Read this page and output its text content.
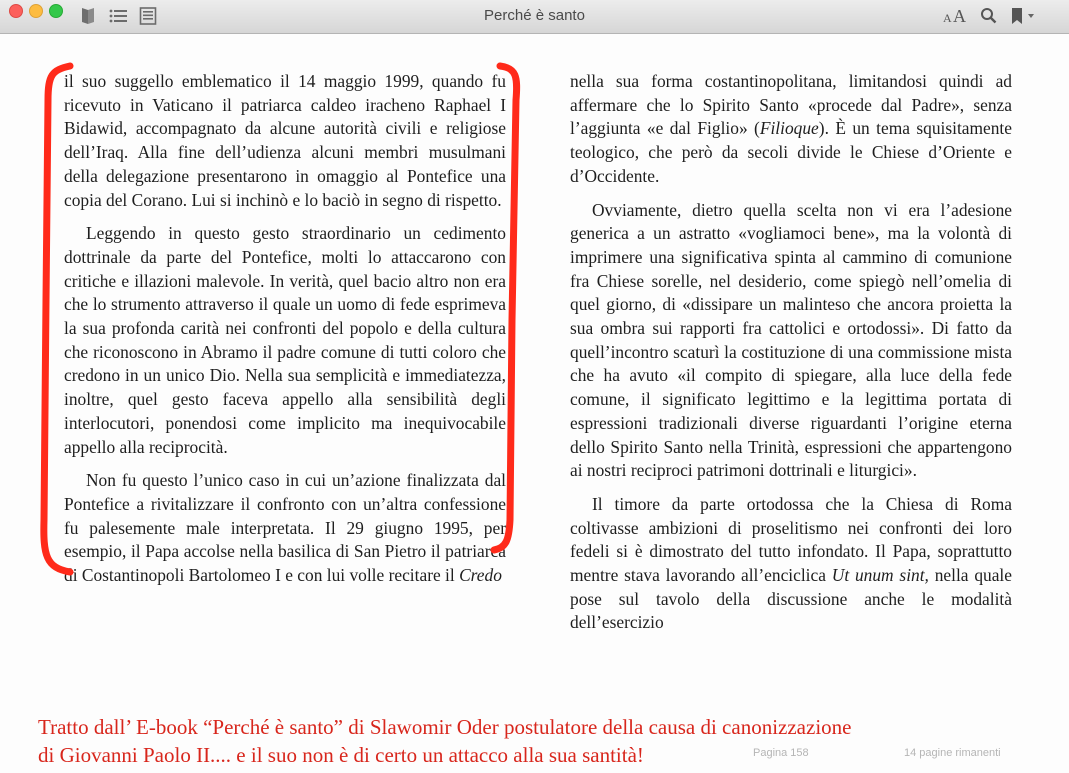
Perché è santo	A A

il suo suggello emblematico il 14 maggio 1999, quando fu ricevuto in Vaticano il patriarca caldeo iracheno Raphael I Bidawid, accompagnato da alcune autorità civili e religiose dell’Iraq. Alla fine dell’udienza alcuni membri musulmani della delegazione presentarono in omaggio al Pontefice una copia del Corano. Lui si inchinò e lo baciò in segno di rispetto.

Leggendo in questo gesto straordinario un cedimento dottrinale da parte del Pontefice, molti lo attaccarono con critiche e illazioni malevole. In verità, quel bacio altro non era che lo strumento attraverso il quale un uomo di fede esprimeva la sua profonda carità nei confronti del popolo e della cultura che riconoscono in Abramo il padre comune di tutti coloro che credono in un unico Dio. Nella sua semplicità e immediatezza, inoltre, quel gesto faceva appello alla sensibilità degli interlocutori, ponendosi come implicito ma inequivocabile appello alla reciprocità.

Non fu questo l’unico caso in cui un’azione finalizzata dal Pontefice a rivitalizzare il confronto con un’altra confessione fu palesemente male interpretata. Il 29 giugno 1995, per esempio, il Papa accolse nella basilica di San Pietro il patriarca di Costantinopoli Bartolomeo I e con lui volle recitare il Credo

nella sua forma costantinopolitana, limitandosi quindi ad affermare che lo Spirito Santo «procede dal Padre», senza l’aggiunta «e dal Figlio» (Filioque). È un tema squisitamente teologico, che però da secoli divide le Chiese d’Oriente e d’Occidente.

Ovviamente, dietro quella scelta non vi era l’adesione generica a un astratto «vogliamoci bene», ma la volontà di imprimere una significativa spinta al cammino di comunione fra Chiese sorelle, nel desiderio, come spiegò nell’omelia di quel giorno, di «dissipare un malinteso che ancora proietta la sua ombra sui rapporti fra cattolici e ortodossi». Di fatto da quell’incontro scaturì la costituzione di una commissione mista che ha avuto «il compito di spiegare, alla luce della fede comune, il significato legittimo e la legittima portata di espressioni tradizionali diverse riguardanti l’origine eterna dello Spirito Santo nella Trinità, espressioni che appartengono ai nostri reciproci patrimoni dottrinali e liturgici».

Il timore da parte ortodossa che la Chiesa di Roma coltivasse ambizioni di proselitismo nei confronti dei loro fedeli si è dimostrato del tutto infondato. Il Papa, soprattutto mentre stava lavorando all’enciclica Ut unum sint, nella quale pose sul tavolo della discussione anche le modalità dell’esercizio

Tratto dall’ E-book “Perché è santo” di Slawomir Oder postulatore della causa di canonizzazione
di Giovanni Paolo II.... e il suo non è di certo un attacco alla sua santità!	Pagina 158	14 pagine rimanenti
